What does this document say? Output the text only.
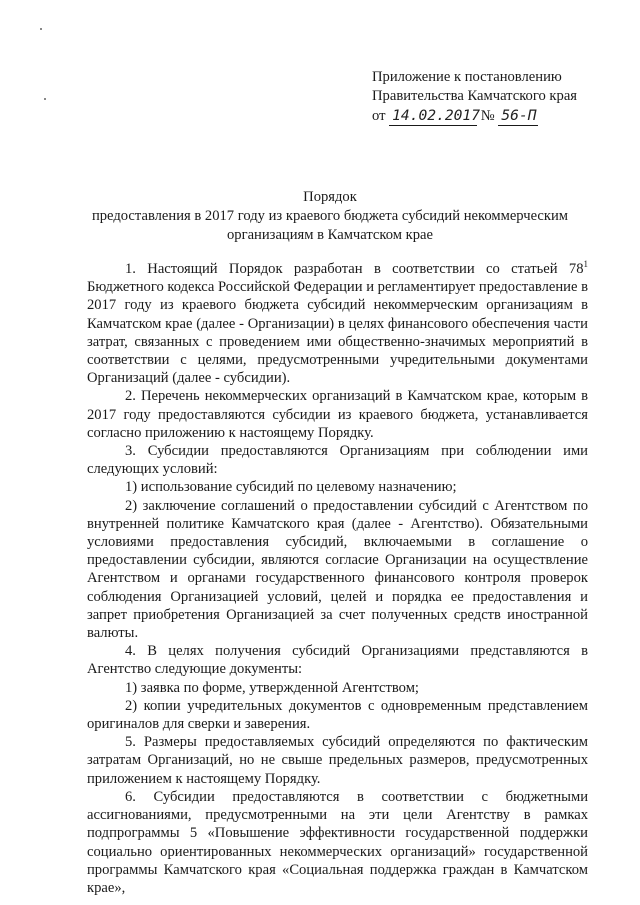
Приложение к постановлению
Правительства Камчатского края
от 14.02.2017 № 56-П
Порядок
предоставления в 2017 году из краевого бюджета субсидий некоммерческим организациям в Камчатском крае

1. Настоящий Порядок разработан в соответствии со статьей $78^1$ Бюджетного кодекса Российской Федерации и регламентирует предоставление в 2017 году из краевого бюджета субсидий некоммерческим организациям в Камчатском крае (далее - Организации) в целях финансового обеспечения части затрат, связанных с проведением ими общественно-значимых мероприятий в соответствии с целями, предусмотренными учредительными документами Организаций (далее - субсидии).

2. Перечень некоммерческих организаций в Камчатском крае, которым в 2017 году предоставляются субсидии из краевого бюджета, устанавливается согласно приложению к настоящему Порядку.

3. Субсидии предоставляются Организациям при соблюдении ими следующих условий:

1) использование субсидий по целевому назначению;

2) заключение соглашений о предоставлении субсидий с Агентством по внутренней политике Камчатского края (далее - Агентство). Обязательными условиями предоставления субсидий, включаемыми в соглашение о предоставлении субсидии, являются согласие Организации на осуществление Агентством и органами государственного финансового контроля проверок соблюдения Организацией условий, целей и порядка ее предоставления и запрет приобретения Организацией за счет полученных средств иностранной валюты.

4. В целях получения субсидий Организациями представляются в Агентство следующие документы:

1) заявка по форме, утвержденной Агентством;

2) копии учредительных документов с одновременным представлением оригиналов для сверки и заверения.

5. Размеры предоставляемых субсидий определяются по фактическим затратам Организаций, но не свыше предельных размеров, предусмотренных приложением к настоящему Порядку.

6. Субсидии предоставляются в соответствии с бюджетными ассигнованиями, предусмотренными на эти цели Агентству в рамках подпрограммы 5 «Повышение эффективности государственной поддержки социально ориентированных некоммерческих организаций» государственной программы Камчатского края «Социальная поддержка граждан в Камчатском крае»,
